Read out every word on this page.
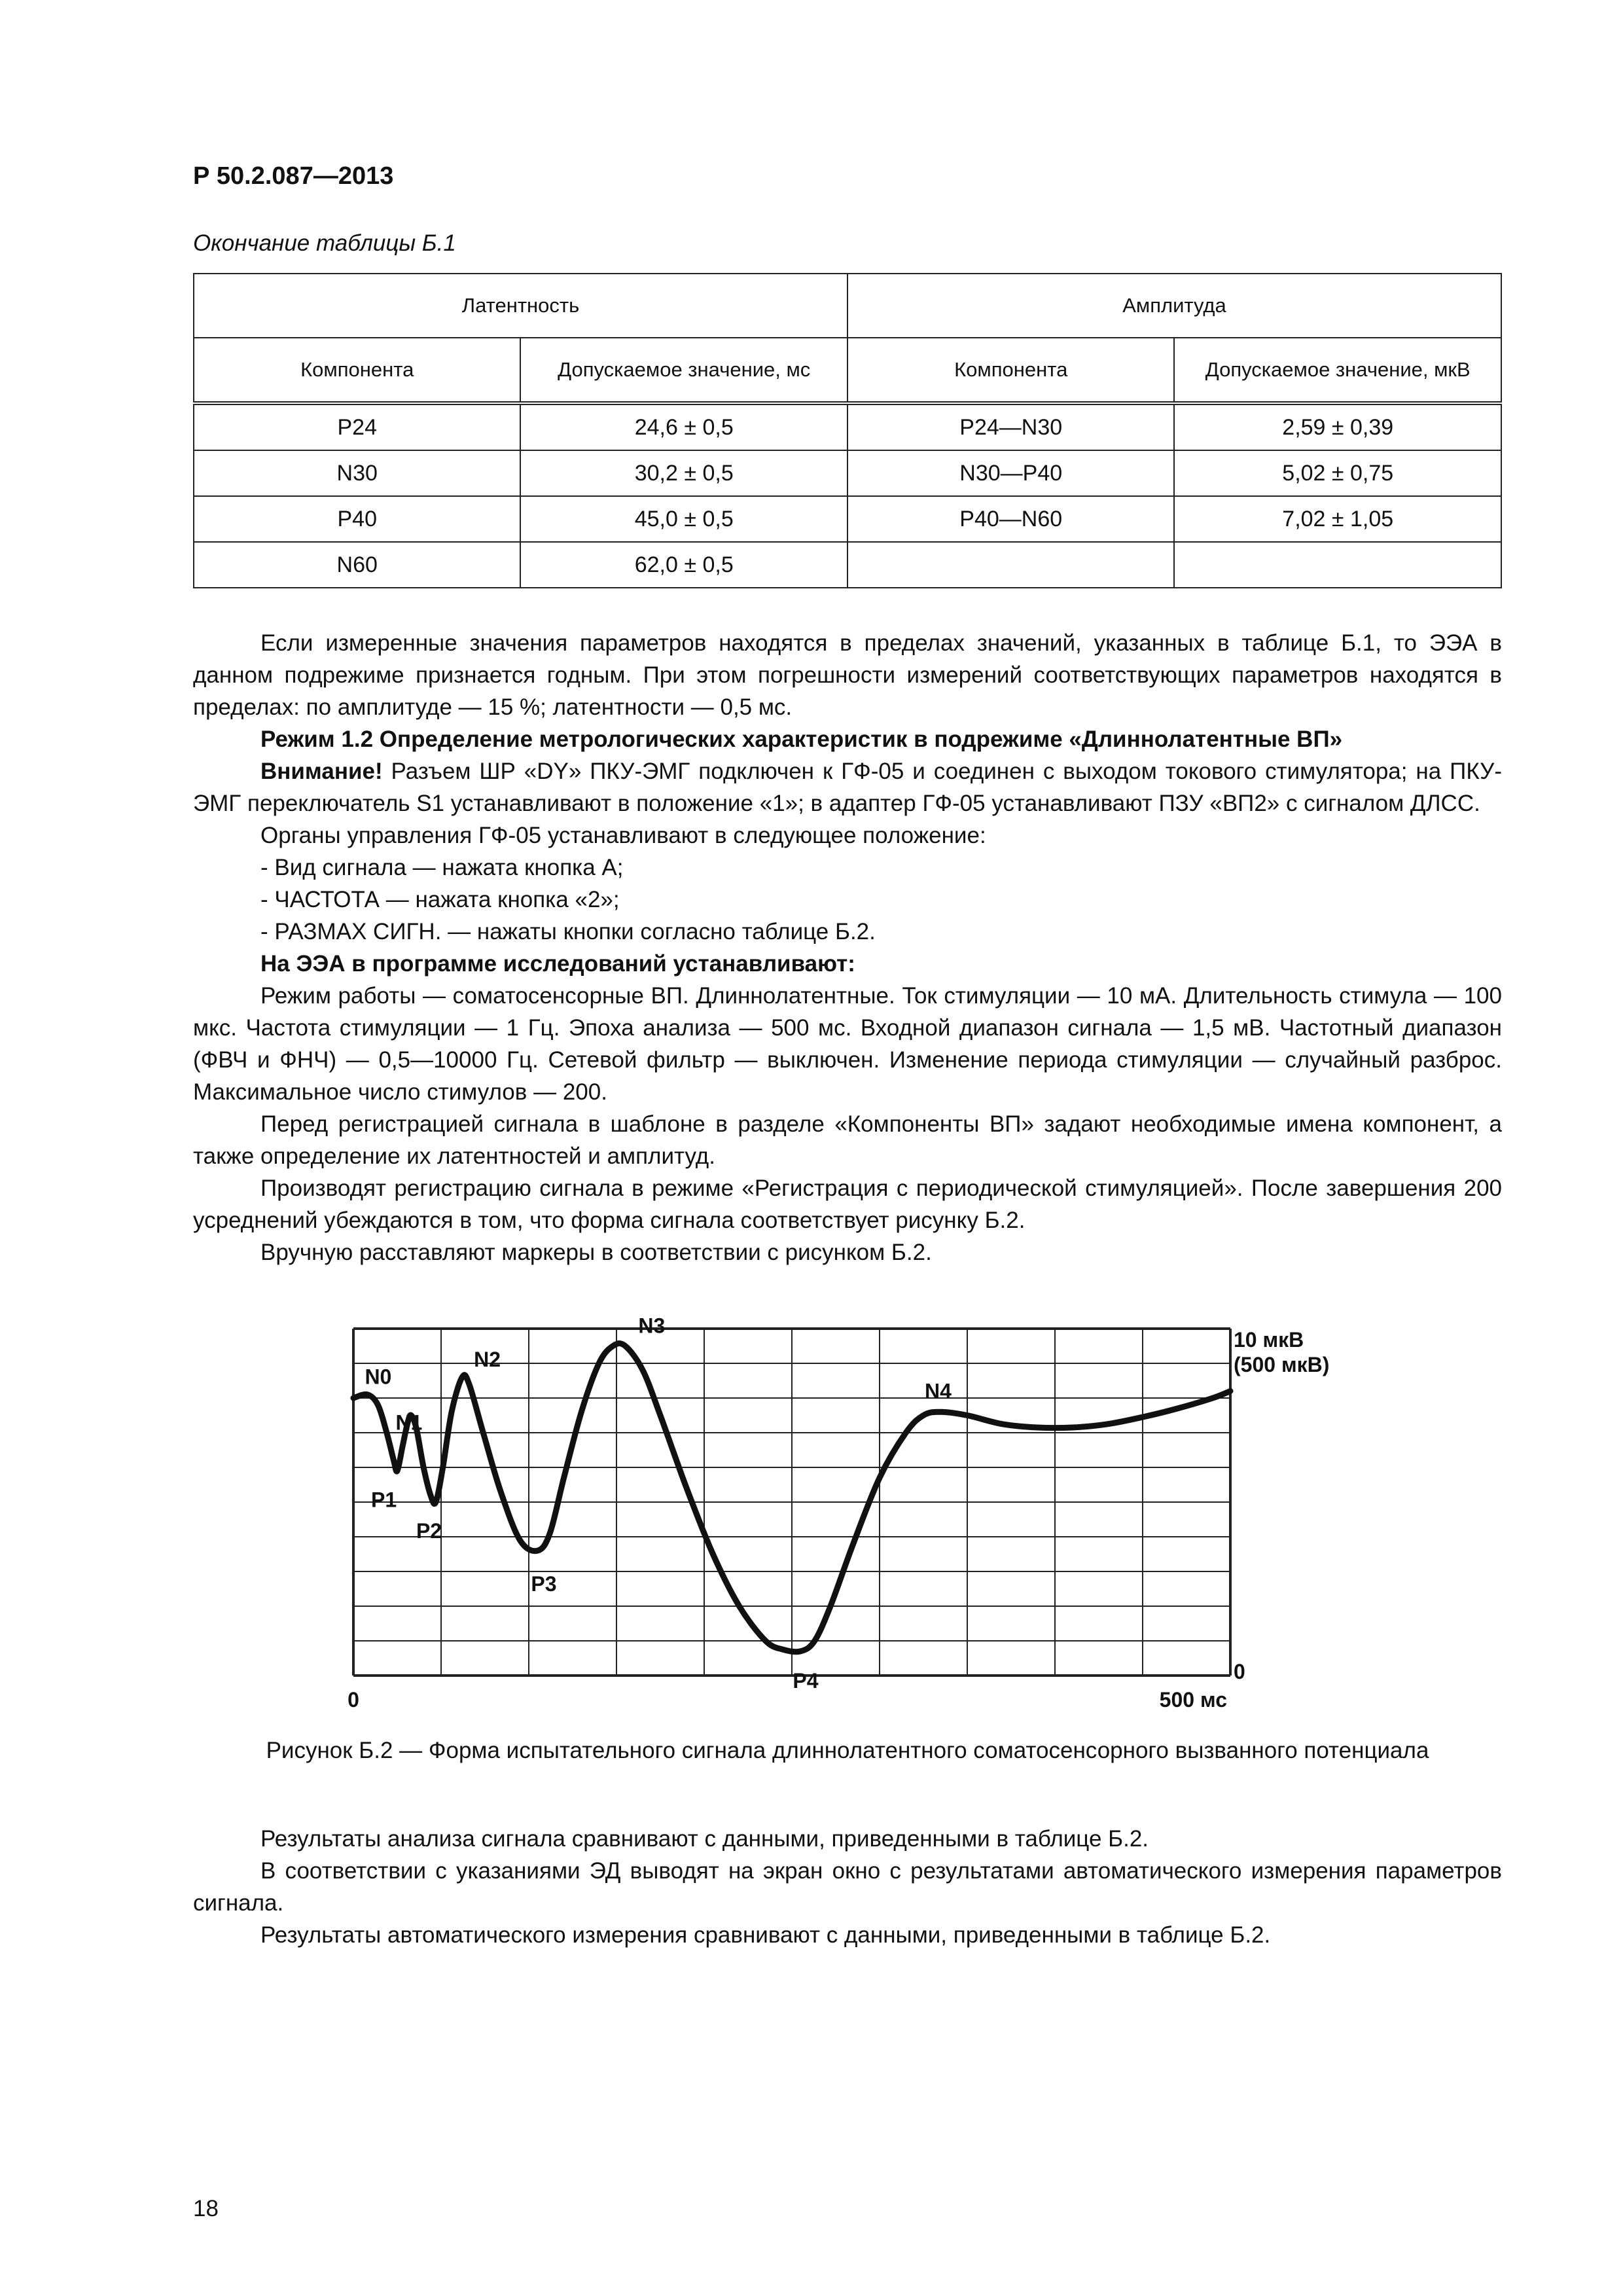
Р 50.2.087—2013
Окончание таблицы Б.1
Латентность		Амплитуда	
Компонента	Допускаемое значение, мс	Компонента	Допускаемое значение, мкВ
P24	24,6 ± 0,5	P24—N30	2,59 ± 0,39
N30	30,2 ± 0,5	N30—P40	5,02 ± 0,75
P40	45,0 ± 0,5	P40—N60	7,02 ± 1,05
N60	62,0 ± 0,5		

Если измеренные значения параметров находятся в пределах значений, указанных в таблице Б.1, то ЭЭА в данном подрежиме признается годным. При этом погрешности измерений соответствующих параметров находятся в пределах: по амплитуде — 15 %; латентности — 0,5 мс.

Режим 1.2 Определение метрологических характеристик в подрежиме «Длиннолатентные ВП»

Внимание! Разъем ШР «DY» ПКУ-ЭМГ подключен к ГФ-05 и соединен с выходом токового стимулятора; на ПКУ-ЭМГ переключатель S1 устанавливают в положение «1»; в адаптер ГФ-05 устанавливают ПЗУ «ВП2» с сигналом ДЛСС.

Органы управления ГФ-05 устанавливают в следующее положение:

- Вид сигнала — нажата кнопка А;

- ЧАСТОТА — нажата кнопка «2»;

- РАЗМАХ СИГН. — нажаты кнопки согласно таблице Б.2.

На ЭЭА в программе исследований устанавливают:

Режим работы — соматосенсорные ВП. Длиннолатентные. Ток стимуляции — 10 мА. Длительность стимула — 100 мкс. Частота стимуляции — 1 Гц. Эпоха анализа — 500 мс. Входной диапазон сигнала — 1,5 мВ. Частотный диапазон (ФВЧ и ФНЧ) — 0,5—10000 Гц. Сетевой фильтр — выключен. Изменение периода стимуляции — случайный разброс. Максимальное число стимулов — 200.

Перед регистрацией сигнала в шаблоне в разделе «Компоненты ВП» задают необходимые имена компонент, а также определение их латентностей и амплитуд.

Производят регистрацию сигнала в режиме «Регистрация с периодической стимуляцией». После завершения 200 усреднений убеждаются в том, что форма сигнала соответствует рисунку Б.2.

Вручную расставляют маркеры в соответствии с рисунком Б.2.

N0
N1
P1
P2
N2
P3
N3
P4
N4
10 мкВ
(500 мкВ)
0
0	500 мс
Рисунок Б.2 — Форма испытательного сигнала длиннолатентного соматосенсорного вызванного потенциала

Результаты анализа сигнала сравнивают с данными, приведенными в таблице Б.2.

В соответствии с указаниями ЭД выводят на экран окно с результатами автоматического измерения параметров сигнала.

Результаты автоматического измерения сравнивают с данными, приведенными в таблице Б.2.

18
